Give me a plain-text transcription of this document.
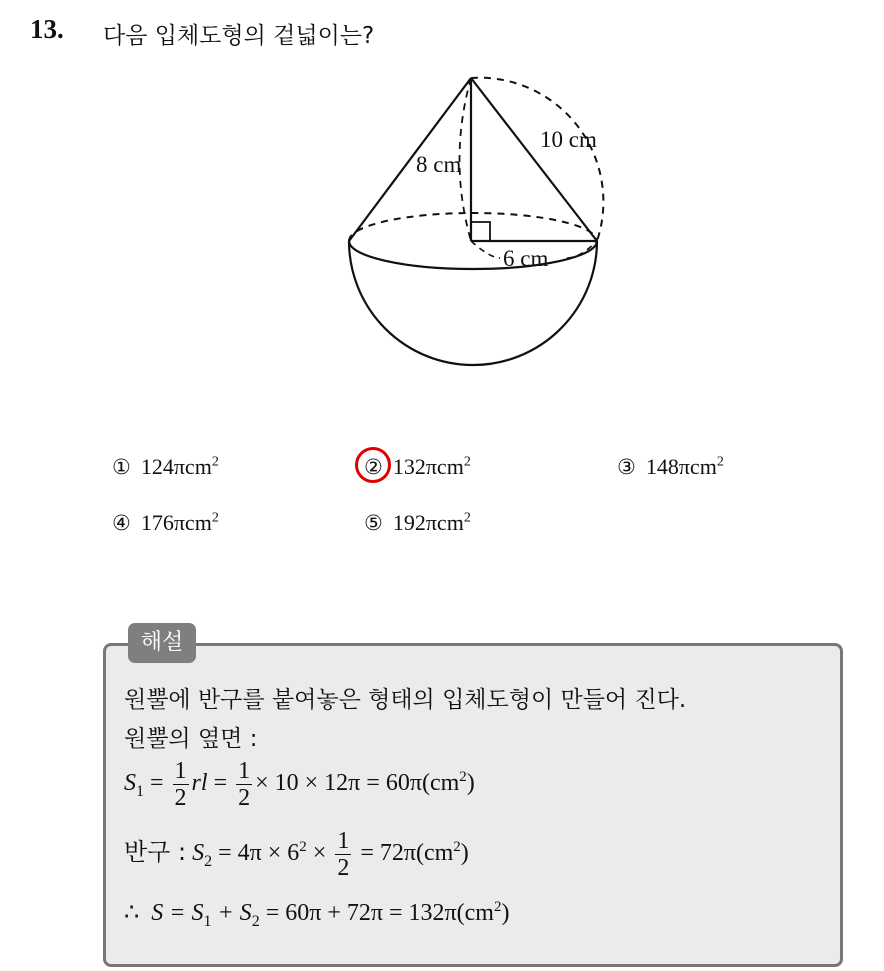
13. 다음 입체도형의 겉넓이는?
8 cm
10 cm
6 cm
① 124πcm$^2$	② 132πcm$^2$	③ 148πcm$^2$
④ 176πcm$^2$	⑤ 192πcm$^2$
해설
원뿔에 반구를 붙여놓은 형태의 입체도형이 만들어 진다.
원뿔의 옆면 :
$S_1 = \frac{1}{2}$ rl = $\frac{1}{2} \times 10 \times 12\pi = 60\pi(cm^2)$
반구 : $S_2 = 4\pi \times 6^2 \times \frac{1}{2} = 72\pi(cm^2)$
∴ $S = S_1 + S_2 = 60\pi + 72\pi = 132\pi(cm^2)$
